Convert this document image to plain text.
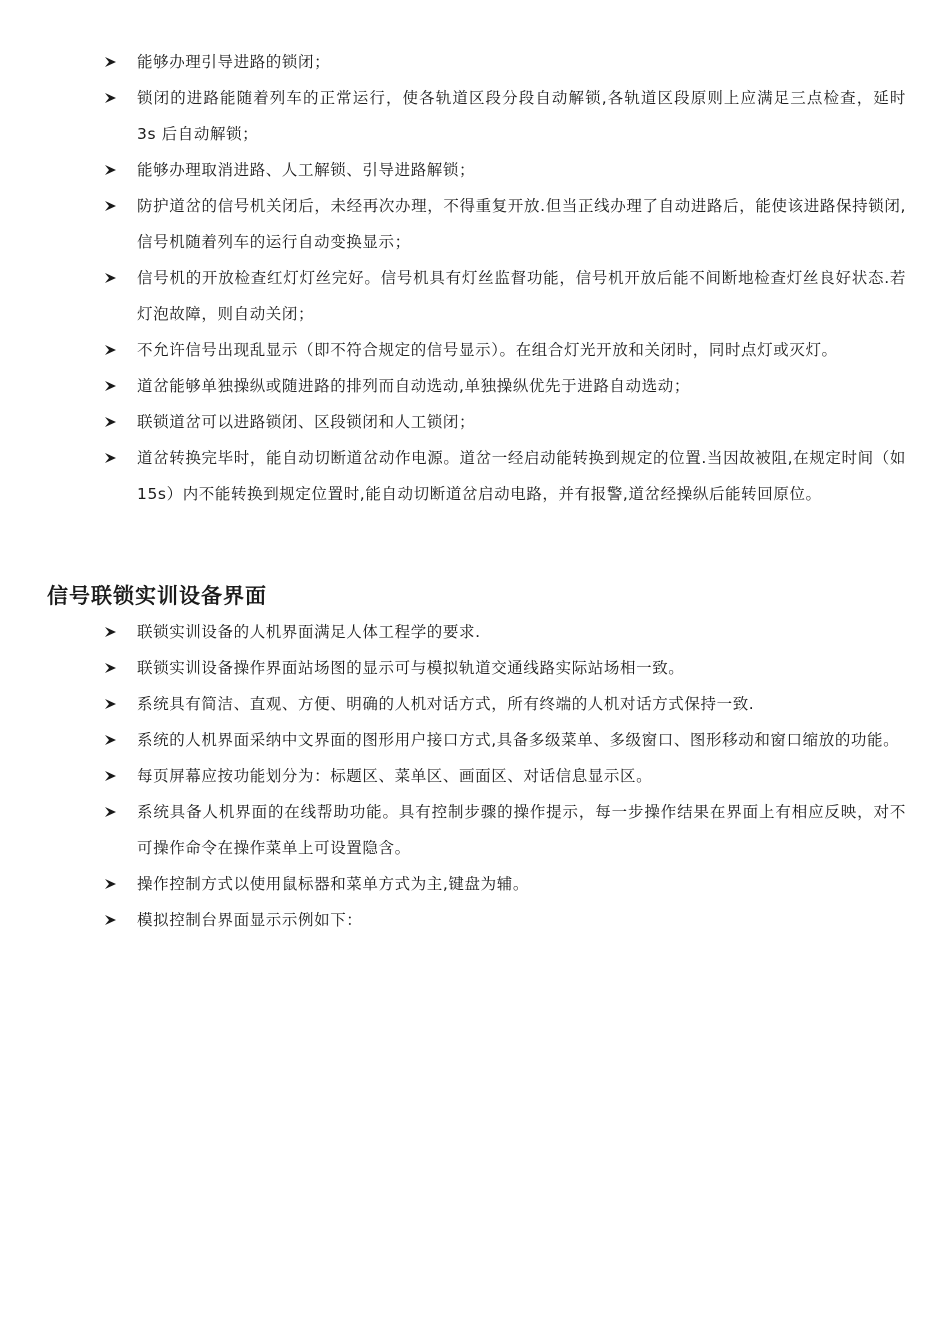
能够办理引导进路的锁闭；
锁闭的进路能随着列车的正常运行，使各轨道区段分段自动解锁,各轨道区段原则上应满足三点检查，延时 3s 后自动解锁；
能够办理取消进路、人工解锁、引导进路解锁；
防护道岔的信号机关闭后，未经再次办理，不得重复开放.但当正线办理了自动进路后，能使该进路保持锁闭,信号机随着列车的运行自动变换显示；
信号机的开放检查红灯灯丝完好。信号机具有灯丝监督功能，信号机开放后能不间断地检查灯丝良好状态.若灯泡故障，则自动关闭；
不允许信号出现乱显示（即不符合规定的信号显示）。在组合灯光开放和关闭时，同时点灯或灭灯。
道岔能够单独操纵或随进路的排列而自动选动,单独操纵优先于进路自动选动；
联锁道岔可以进路锁闭、区段锁闭和人工锁闭；
道岔转换完毕时，能自动切断道岔动作电源。道岔一经启动能转换到规定的位置.当因故被阻,在规定时间（如 15s）内不能转换到规定位置时,能自动切断道岔启动电路，并有报警,道岔经操纵后能转回原位。
信号联锁实训设备界面
联锁实训设备的人机界面满足人体工程学的要求.
联锁实训设备操作界面站场图的显示可与模拟轨道交通线路实际站场相一致。
系统具有简洁、直观、方便、明确的人机对话方式，所有终端的人机对话方式保持一致.
系统的人机界面采纳中文界面的图形用户接口方式,具备多级菜单、多级窗口、图形移动和窗口缩放的功能。
每页屏幕应按功能划分为：标题区、菜单区、画面区、对话信息显示区。
系统具备人机界面的在线帮助功能。具有控制步骤的操作提示，每一步操作结果在界面上有相应反映，对不可操作命令在操作菜单上可设置隐含。
操作控制方式以使用鼠标器和菜单方式为主,键盘为辅。
模拟控制台界面显示示例如下：
